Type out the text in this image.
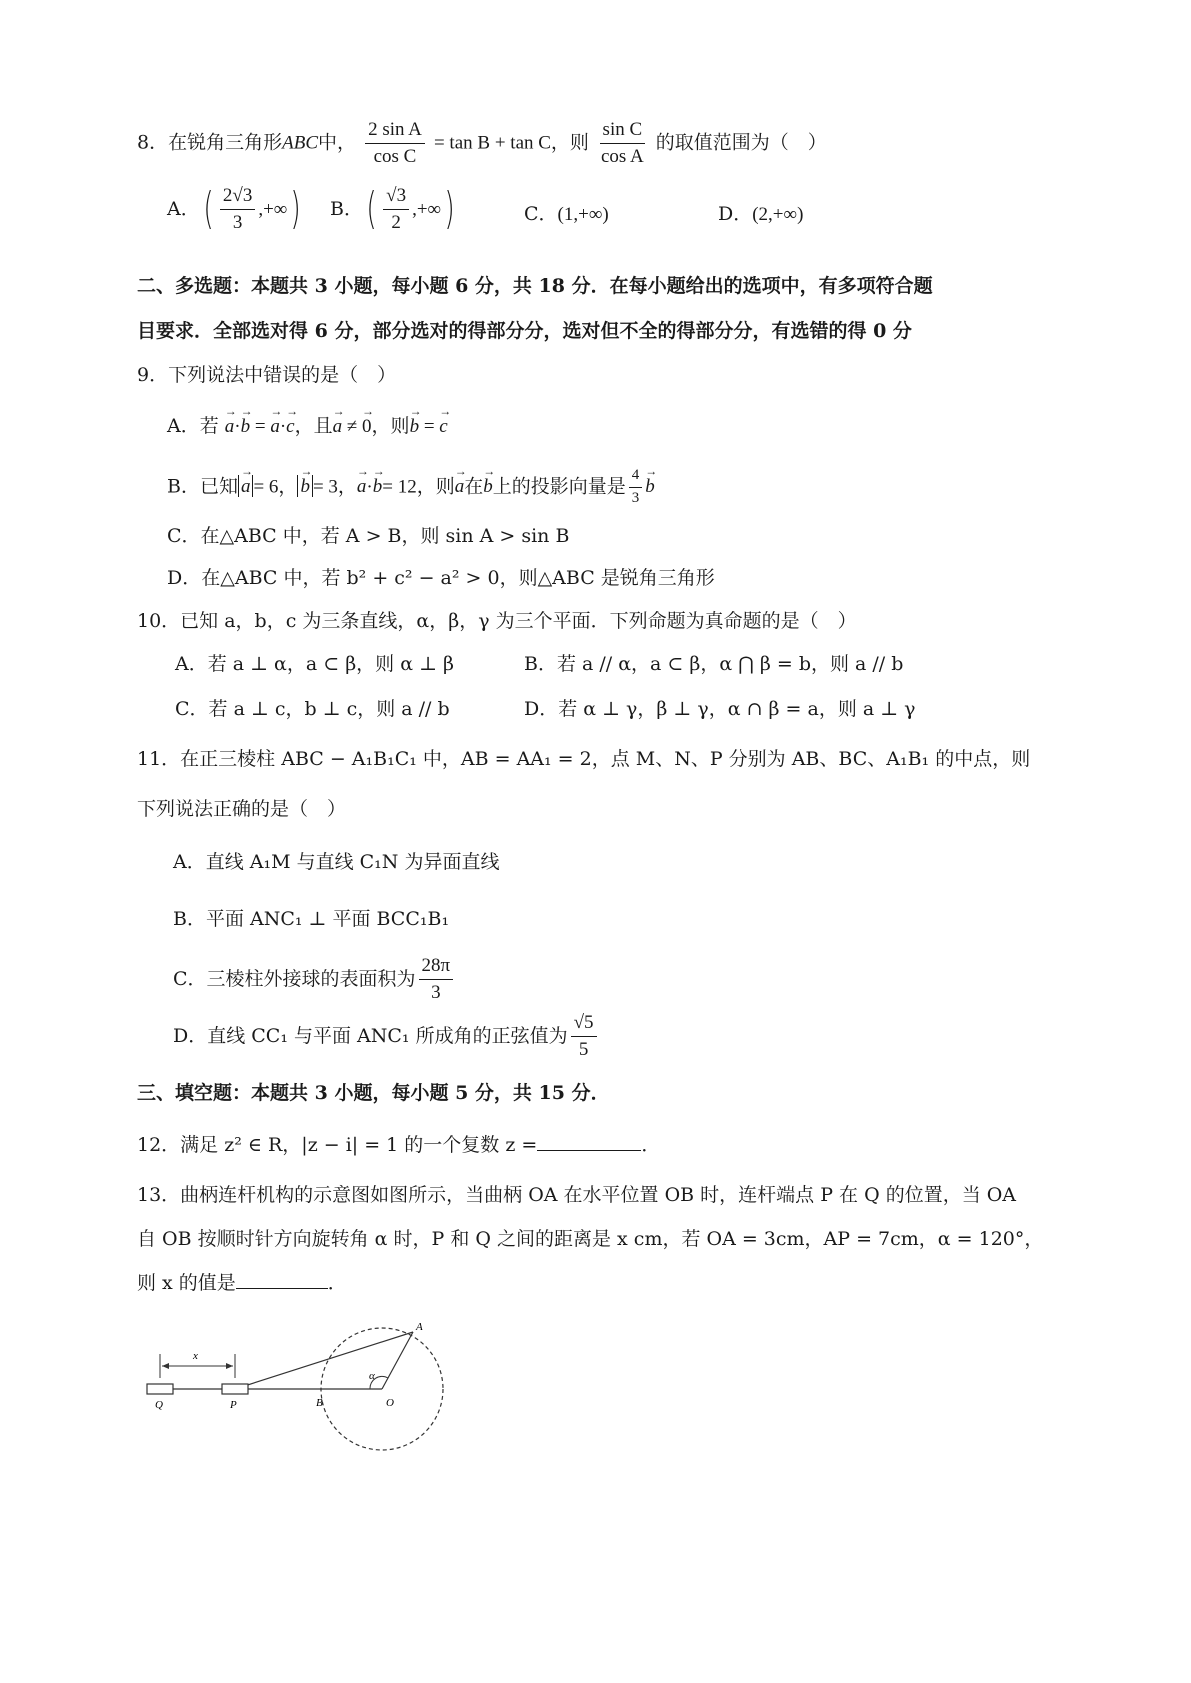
8．在锐角三角形ABC中， $\frac{\text{2 sin A}}{\text{cos C}} = \tan B + \tan C$，则 $\frac{\text{sin C}}{\text{cos A}}$ 的取值范围为（　）
A．( $\frac{2√3}{3}$ ,+∞) B．( $\frac{√3}{2}$ ,+∞)	C．(1,+∞)	D．(2,+∞)
二、多选题：本题共 3 小题，每小题 6 分，共 18 分．在每小题给出的选项中，有多项符合题
目要求．全部选对得 6 分，部分选对的得部分分，选对但不全的得部分分，有选错的得 0 分
9．下列说法中错误的是（　）
A．若 → a·→ b = → a·→ c，且→ a ≠ → 0，则→ b = → c
B．已知→ a = 6，→ b = 3，→ a·→ b= 12，则→ a在→ b上的投影向量是 $\frac{4}{3}$
→ b
C．在△ABC 中，若 A > B，则 sin A > sin B
D．在△ABC 中，若 b² + c² − a² > 0，则△ABC 是锐角三角形
10．已知 a，b，c 为三条直线，α，β，γ 为三个平面．下列命题为真命题的是（　）
A．若 a ⊥ α，a ⊂ β，则 α ⊥ β	B．若 a // α，a ⊂ β，α ⋂ β = b，则 a // b
C．若 a ⊥ c，b ⊥ c，则 a // b	D．若 α ⊥ γ，β ⊥ γ，α ∩ β = a，则 a ⊥ γ
11．在正三棱柱 ABC − A₁B₁C₁ 中，AB = AA₁ = 2，点 M、N、P 分别为 AB、BC、A₁B₁ 的中点，则
下列说法正确的是（　）
A．直线 A₁M 与直线 C₁N 为异面直线
B．平面 ANC₁ ⊥ 平面 BCC₁B₁
C．三棱柱外接球的表面积为 $\frac{28\pi}{3}$
D．直线 CC₁ 与平面 ANC₁ 所成角的正弦值为 $\frac{√5}{5}$
三、填空题：本题共 3 小题，每小题 5 分，共 15 分．
12．满足 z² ∈ R，|z − i| = 1 的一个复数 z =	．
13．曲柄连杆机构的示意图如图所示，当曲柄 OA 在水平位置 OB 时，连杆端点 P 在 Q 的位置，当 OA
自 OB 按顺时针方向旋转角 α 时，P 和 Q 之间的距离是 x cm，若 OA = 3cm，AP = 7cm，α = 120°，
则 x 的值是	．
x
A
α
O
B
P
Q
